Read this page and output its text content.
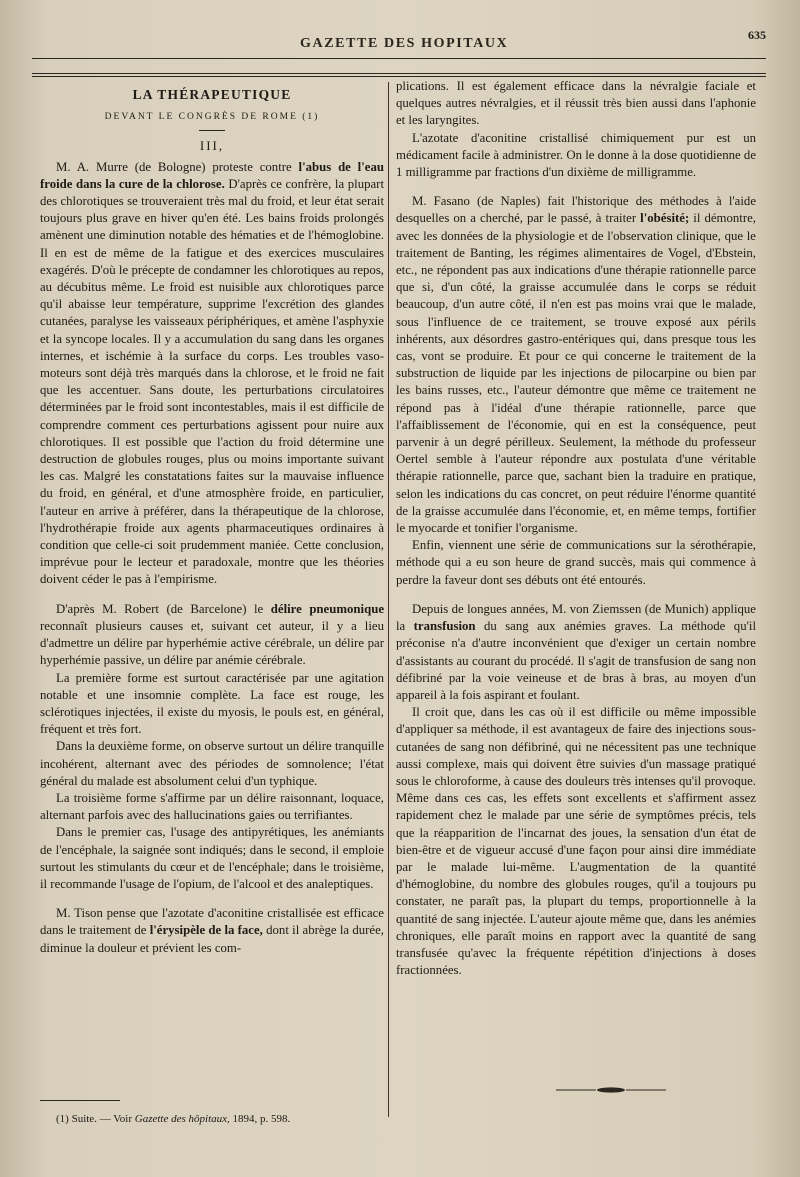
GAZETTE DES HOPITAUX
635
LA THÉRAPEUTIQUE
DEVANT LE CONGRÈS DE ROME (1)
III,

M. A. Murre (de Bologne) proteste contre l'abus de l'eau froide dans la cure de la chlorose. D'après ce confrère, la plupart des chlorotiques se trouveraient très mal du froid, et leur état serait toujours plus grave en hiver qu'en été. Les bains froids prolongés amènent une diminution notable des hématies et de l'hémoglobine. Il en est de même de la fatigue et des exercices musculaires exagérés. D'où le précepte de condamner les chlorotiques au repos, au décubitus même. Le froid est nuisible aux chlorotiques parce qu'il abaisse leur température, supprime l'excrétion des glandes cutanées, paralyse les vaisseaux périphériques, et amène l'asphyxie et la syncope locales. Il y a accumulation du sang dans les organes internes, et ischémie à la surface du corps. Les troubles vaso-moteurs sont déjà très marqués dans la chlorose, et le froid ne fait que les accentuer. Sans doute, les perturbations circulatoires déterminées par le froid sont incontestables, mais il est difficile de comprendre comment ces perturbations agissent pour nuire aux chlorotiques. Il est possible que l'action du froid détermine une destruction de globules rouges, plus ou moins importante suivant les cas. Malgré les constatations faites sur la mauvaise influence du froid, en général, et d'une atmosphère froide, en particulier, l'auteur en arrive à préférer, dans la thérapeutique de la chlorose, l'hydrothérapie froide aux agents pharmaceutiques ordinaires à condition que celle-ci soit prudemment maniée. Cette conclusion, imprévue pour le lecteur et paradoxale, montre que les théories doivent céder le pas à l'empirisme.

D'après M. Robert (de Barcelone) le délire pneumonique reconnaît plusieurs causes et, suivant cet auteur, il y a lieu d'admettre un délire par hyperhémie active cérébrale, un délire par hyperhémie passive, un délire par anémie cérébrale.

La première forme est surtout caractérisée par une agitation notable et une insomnie complète. La face est rouge, les sclérotiques injectées, il existe du myosis, le pouls est, en général, fréquent et très fort.

Dans la deuxième forme, on observe surtout un délire tranquille incohérent, alternant avec des périodes de somnolence; l'état général du malade est absolument celui d'un typhique.

La troisième forme s'affirme par un délire raisonnant, loquace, alternant parfois avec des hallucinations gaies ou terrifiantes.

Dans le premier cas, l'usage des antipyrétiques, les anémiants de l'encéphale, la saignée sont indiqués; dans le second, il emploie surtout les stimulants du cœur et de l'encéphale; dans le troisième, il recommande l'usage de l'opium, de l'alcool et des analeptiques.

M. Tison pense que l'azotate d'aconitine cristallisée est efficace dans le traitement de l'érysipèle de la face, dont il abrège la durée, diminue la douleur et prévient les com-

plications. Il est également efficace dans la névralgie faciale et quelques autres névralgies, et il réussit très bien aussi dans l'aphonie et les laryngites.

L'azotate d'aconitine cristallisé chimiquement pur est un médicament facile à administrer. On le donne à la dose quotidienne de 1 milligramme par fractions d'un dixième de milligramme.

M. Fasano (de Naples) fait l'historique des méthodes à l'aide desquelles on a cherché, par le passé, à traiter l'obésité; il démontre, avec les données de la physiologie et de l'observation clinique, que le traitement de Banting, les régimes alimentaires de Vogel, d'Ebstein, etc., ne répondent pas aux indications d'une thérapie rationnelle parce que si, d'un côté, la graisse accumulée dans le corps se réduit beaucoup, d'un autre côté, il n'en est pas moins vrai que le malade, sous l'influence de ce traitement, se trouve exposé aux périls inhérents, aux désordres gastro-entériques qui, dans presque tous les cas, vont se produire. Et pour ce qui concerne le traitement de la substruction de liquide par les injections de pilocarpine ou bien par les bains russes, etc., l'auteur démontre que même ce traitement ne répond pas à l'idéal d'une thérapie rationnelle, parce que l'affaiblissement de l'économie, qui en est la conséquence, peut parvenir à un degré périlleux. Seulement, la méthode du professeur Oertel semble à l'auteur répondre aux postulata d'une véritable thérapie rationnelle, parce que, sachant bien la traduire en pratique, selon les indications du cas concret, on peut réduire l'énorme quantité de la graisse accumulée dans l'économie, et, en même temps, fortifier le myocarde et tonifier l'organisme.

Enfin, viennent une série de communications sur la sérothérapie, méthode qui a eu son heure de grand succès, mais qui commence à perdre la faveur dont ses débuts ont été entourés.

Depuis de longues années, M. von Ziemssen (de Munich) applique la transfusion du sang aux anémies graves. La méthode qu'il préconise n'a d'autre inconvénient que d'exiger un certain nombre d'assistants au courant du procédé. Il s'agit de transfusion de sang non défibriné par la voie veineuse et de bras à bras, au moyen d'un appareil à la fois aspirant et foulant.

Il croit que, dans les cas où il est difficile ou même impossible d'appliquer sa méthode, il est avantageux de faire des injections sous-cutanées de sang non défibriné, qui ne nécessitent pas une technique aussi complexe, mais qui doivent être suivies d'un massage pratiqué sous le chloroforme, à cause des douleurs très intenses qu'il provoque. Même dans ces cas, les effets sont excellents et s'affirment assez rapidement chez le malade par une série de symptômes précis, tels que la réapparition de l'incarnat des joues, la sensation d'un état de bien-être et de vigueur accusé d'une façon pour ainsi dire immédiate par le malade lui-même. L'augmentation de la quantité d'hémoglobine, du nombre des globules rouges, qu'il a toujours pu constater, ne paraît pas, la plupart du temps, proportionnelle à la quantité de sang injectée. L'auteur ajoute même que, dans les anémies chroniques, elle paraît moins en rapport avec la quantité de sang transfusée qu'avec la fréquente répétition d'injections à doses fractionnées.

(1) Suite. — Voir Gazette des hôpitaux, 1894, p. 598.
